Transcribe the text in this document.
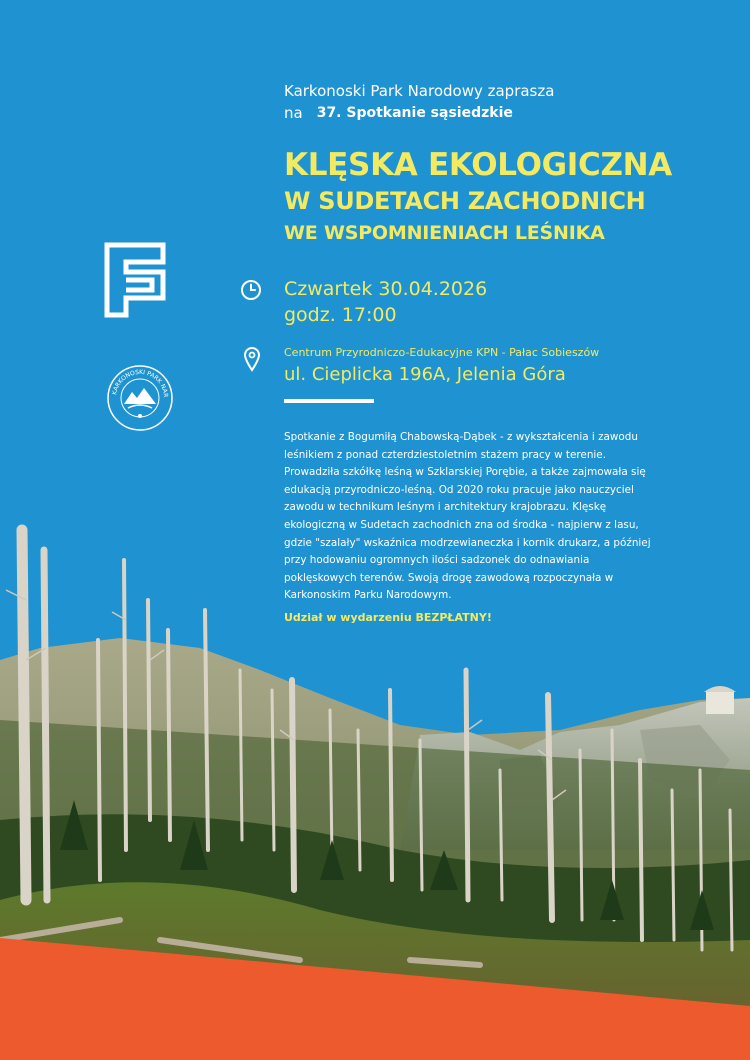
KARKONOSKI PARK NAR
Karkonoski Park Narodowy zaprasza
na 37. Spotkanie sąsiedzkie
KLĘSKA EKOLOGICZNA
W SUDETACH ZACHODNICH
WE WSPOMNIENIACH LEŚNIKA
Czwartek 30.04.2026
godz. 17:00
Centrum Przyrodniczo-Edukacyjne KPN - Pałac Sobieszów
ul. Cieplicka 196A, Jelenia Góra
Spotkanie z Bogumiłą Chabowską-Dąbek - z wykształcenia i zawodu
leśnikiem z ponad czterdziestoletnim stażem pracy w terenie.
Prowadziła szkółkę leśną w Szklarskiej Porębie, a także zajmowała się
edukacją przyrodniczo-leśną. Od 2020 roku pracuje jako nauczyciel
zawodu w technikum leśnym i architektury krajobrazu. Klęskę
ekologiczną w Sudetach zachodnich zna od środka - najpierw z lasu,
gdzie "szalały" wskaźnica modrzewianeczka i kornik drukarz, a później
przy hodowaniu ogromnych ilości sadzonek do odnawiania
poklęskowych terenów. Swoją drogę zawodową rozpoczynała w
Karkonoskim Parku Narodowym.
Udział w wydarzeniu BEZPŁATNY!
